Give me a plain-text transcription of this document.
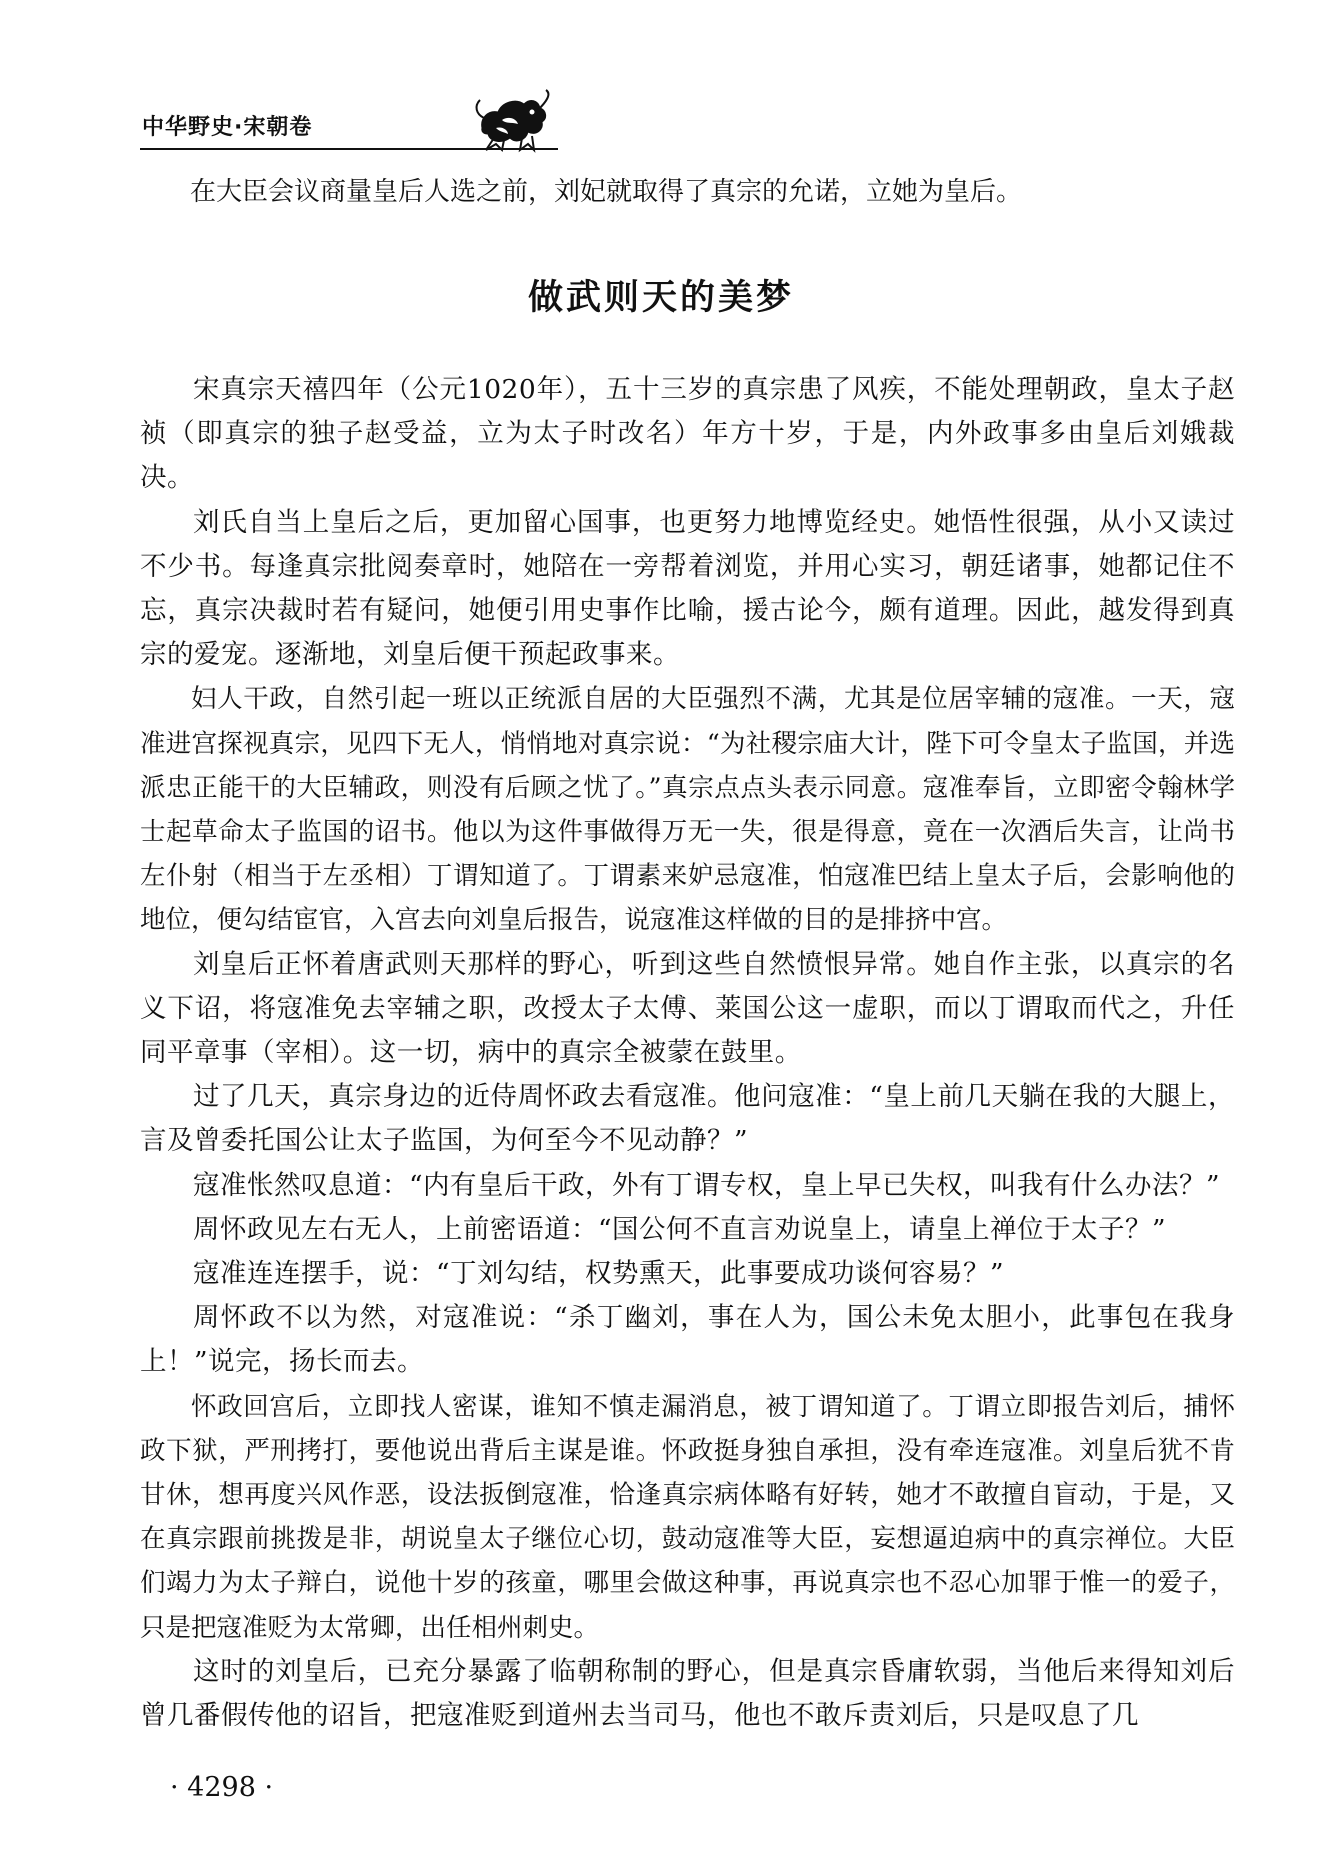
中华野史·宋朝卷
在大臣会议商量皇后人选之前，刘妃就取得了真宗的允诺，立她为皇后。
做武则天的美梦

宋真宗天禧四年（公元1020年），五十三岁的真宗患了风疾，不能处理朝政，皇太子赵祯（即真宗的独子赵受益，立为太子时改名）年方十岁，于是，内外政事多由皇后刘娥裁决。

刘氏自当上皇后之后，更加留心国事，也更努力地博览经史。她悟性很强，从小又读过不少书。每逢真宗批阅奏章时，她陪在一旁帮着浏览，并用心实习，朝廷诸事，她都记住不忘，真宗决裁时若有疑问，她便引用史事作比喻，援古论今，颇有道理。因此，越发得到真宗的爱宠。逐渐地，刘皇后便干预起政事来。

妇人干政，自然引起一班以正统派自居的大臣强烈不满，尤其是位居宰辅的寇准。一天，寇准进宫探视真宗，见四下无人，悄悄地对真宗说：“为社稷宗庙大计，陛下可令皇太子监国，并选派忠正能干的大臣辅政，则没有后顾之忧了。”真宗点点头表示同意。寇准奉旨，立即密令翰林学士起草命太子监国的诏书。他以为这件事做得万无一失，很是得意，竟在一次酒后失言，让尚书左仆射（相当于左丞相）丁谓知道了。丁谓素来妒忌寇准，怕寇准巴结上皇太子后，会影响他的地位，便勾结宦官，入宫去向刘皇后报告，说寇准这样做的目的是排挤中宫。

刘皇后正怀着唐武则天那样的野心，听到这些自然愤恨异常。她自作主张，以真宗的名义下诏，将寇准免去宰辅之职，改授太子太傅、莱国公这一虚职，而以丁谓取而代之，升任同平章事（宰相）。这一切，病中的真宗全被蒙在鼓里。

过了几天，真宗身边的近侍周怀政去看寇准。他问寇准：“皇上前几天躺在我的大腿上，言及曾委托国公让太子监国，为何至今不见动静？”

寇准怅然叹息道：“内有皇后干政，外有丁谓专权，皇上早已失权，叫我有什么办法？”

周怀政见左右无人，上前密语道：“国公何不直言劝说皇上，请皇上禅位于太子？”

寇准连连摆手，说：“丁刘勾结，权势熏天，此事要成功谈何容易？”

周怀政不以为然，对寇准说：“杀丁幽刘，事在人为，国公未免太胆小，此事包在我身上！”说完，扬长而去。

怀政回宫后，立即找人密谋，谁知不慎走漏消息，被丁谓知道了。丁谓立即报告刘后，捕怀政下狱，严刑拷打，要他说出背后主谋是谁。怀政挺身独自承担，没有牵连寇准。刘皇后犹不肯甘休，想再度兴风作恶，设法扳倒寇准，恰逢真宗病体略有好转，她才不敢擅自盲动，于是，又在真宗跟前挑拨是非，胡说皇太子继位心切，鼓动寇准等大臣，妄想逼迫病中的真宗禅位。大臣们竭力为太子辩白，说他十岁的孩童，哪里会做这种事，再说真宗也不忍心加罪于惟一的爱子，只是把寇准贬为太常卿，出任相州刺史。

这时的刘皇后，已充分暴露了临朝称制的野心，但是真宗昏庸软弱，当他后来得知刘后曾几番假传他的诏旨，把寇准贬到道州去当司马，他也不敢斥责刘后，只是叹息了几

· 4298 ·
